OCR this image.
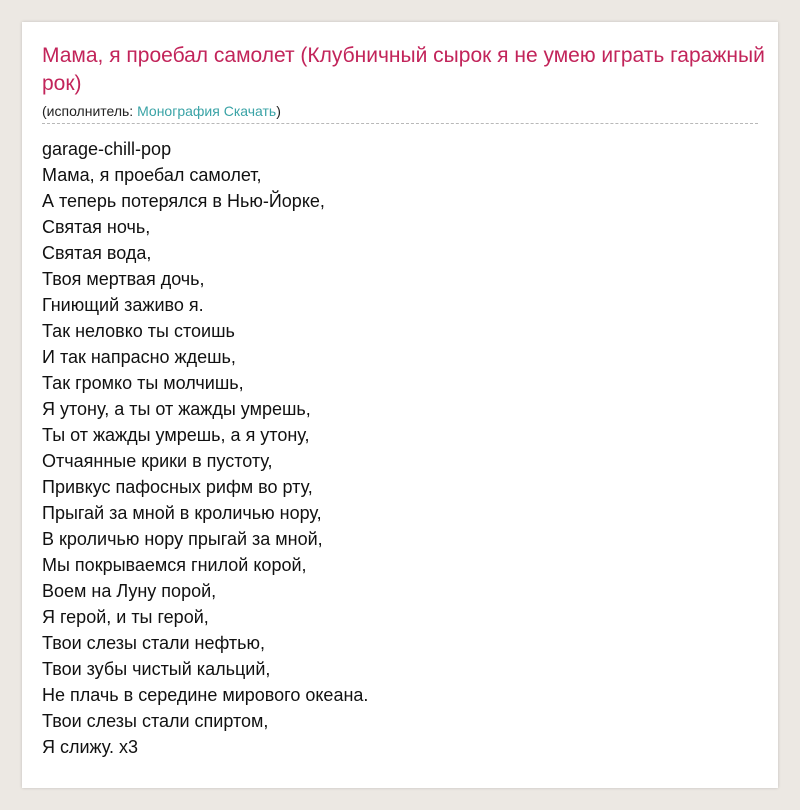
Мама, я проебал самолет (Клубничный сырок я не умею играть гаражный рок)
(исполнитель: Монография Скачать)
garage-chill-pop
Мама, я проебал самолет,
А теперь потерялся в Нью-Йорке,
Святая ночь,
Святая вода,
Твоя мертвая дочь,
Гниющий заживо я.
Так неловко ты стоишь
И так напрасно ждешь,
Так громко ты молчишь,
Я утону, а ты от жажды умрешь,
Ты от жажды умрешь, а я утону,
Отчаянные крики в пустоту,
Привкус пафосных рифм во рту,
Прыгай за мной в кроличью нору,
В кроличью нору прыгай за мной,
Мы покрываемся гнилой корой,
Воем на Луну порой,
Я герой, и ты герой,
Твои слезы стали нефтью,
Твои зубы чистый кальций,
Не плачь в середине мирового океана.
Твои слезы стали спиртом,
Я слижу. x3
